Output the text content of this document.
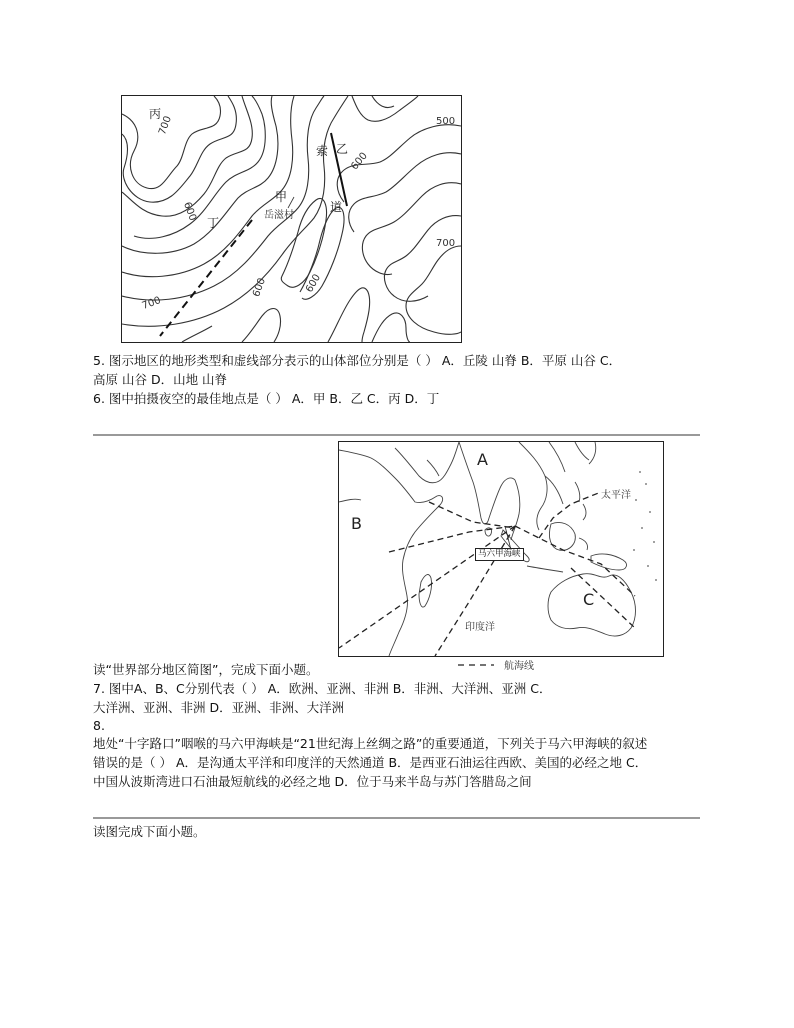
丙
乙
索
道
甲
岳滋村
丁
500
600
600
600	600
700
700
700
5. 图示地区的地形类型和虚线部分表示的山体部位分别是（ ） A．丘陵 山脊 B．平原 山谷 C．
高原 山谷 D．山地 山脊
6. 图中拍摄夜空的最佳地点是（ ） A．甲 B．乙 C．丙 D．丁
A
B
C
太平洋
印度洋
马六甲海峡
航海线
读“世界部分地区简图”，完成下面小题。
7. 图中A、B、C分别代表（ ） A．欧洲、亚洲、非洲 B．非洲、大洋洲、亚洲 C．
大洋洲、亚洲、非洲 D．亚洲、非洲、大洋洲
8.
地处“十字路口”咽喉的马六甲海峡是“21世纪海上丝绸之路”的重要通道，下列关于马六甲海峡的叙述
错误的是（ ） A．是沟通太平洋和印度洋的天然通道 B．是西亚石油运往西欧、美国的必经之地 C．
中国从波斯湾进口石油最短航线的必经之地 D．位于马来半岛与苏门答腊岛之间
读图完成下面小题。
